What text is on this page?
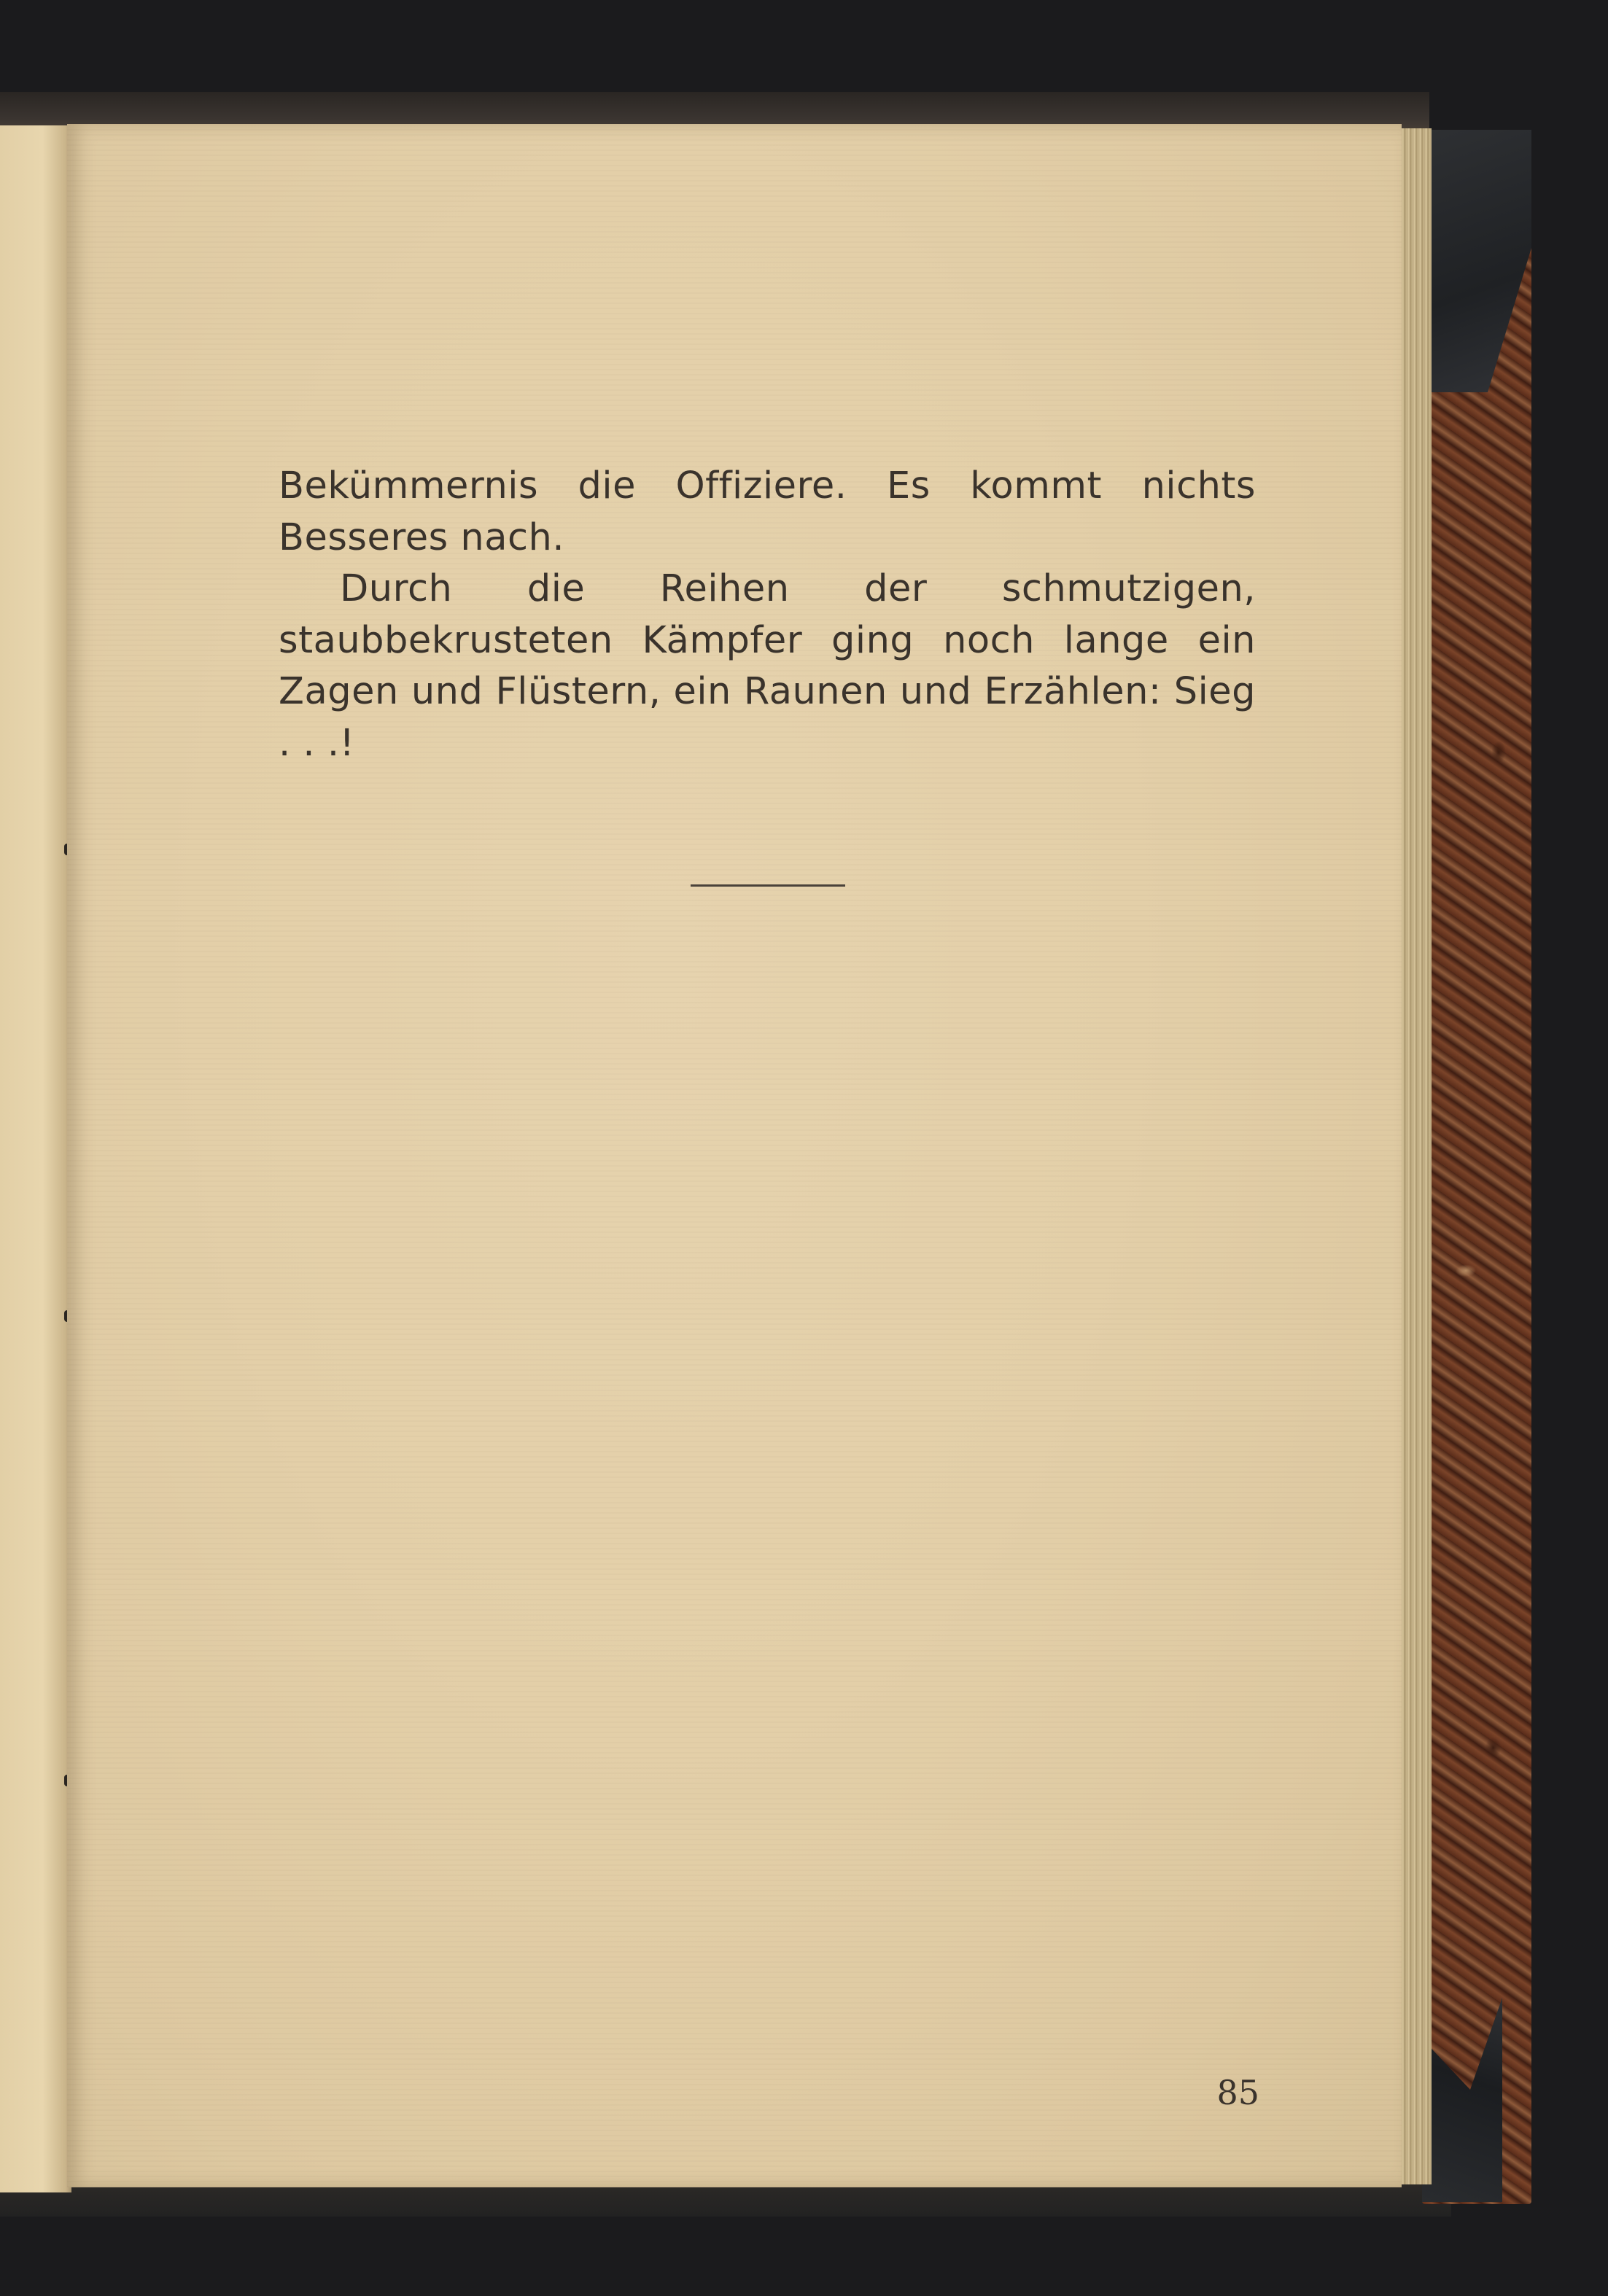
Bekümmernis die Offiziere. Es kommt nichts Besseres nach.

Durch die Reihen der schmutzigen, staubbekrusteten Kämpfer ging noch lange ein Zagen und Flüstern, ein Raunen und Erzählen: Sieg . . .!

85
